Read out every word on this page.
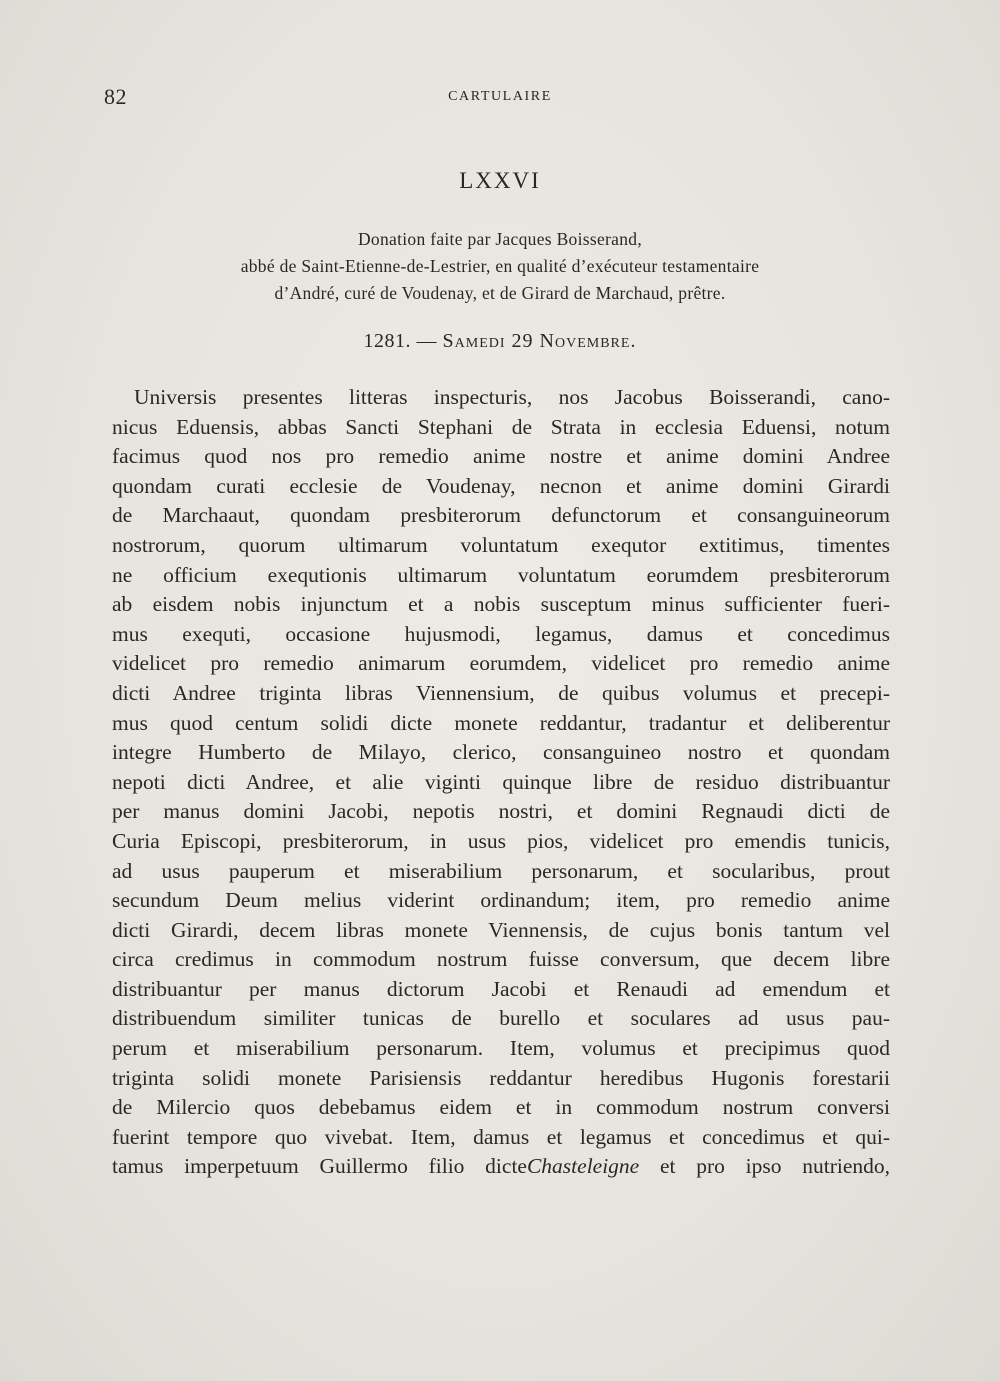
82	CARTULAIRE
LXXVI
Donation faite par Jacques Boisserand,
abbé de Saint-Etienne-de-Lestrier, en qualité d’exécuteur testamentaire
d’André, curé de Voudenay, et de Girard de Marchaud, prêtre.
1281. — Samedi 29 Novembre.
Universis presentes litteras inspecturis, nos Jacobus Boisserandi, cano-
nicus Eduensis, abbas Sancti Stephani de Strata in ecclesia Eduensi, notum
facimus quod nos pro remedio anime nostre et anime domini Andree
quondam curati ecclesie de Voudenay, necnon et anime domini Girardi
de Marchaaut, quondam presbiterorum defunctorum et consanguineorum
nostrorum, quorum ultimarum voluntatum exequtor extitimus, timentes
ne officium exequtionis ultimarum voluntatum eorumdem presbiterorum
ab eisdem nobis injunctum et a nobis susceptum minus sufficienter fueri-
mus exequti, occasione hujusmodi, legamus, damus et concedimus
videlicet pro remedio animarum eorumdem, videlicet pro remedio anime
dicti Andree triginta libras Viennensium, de quibus volumus et precepi-
mus quod centum solidi dicte monete reddantur, tradantur et deliberentur
integre Humberto de Milayo, clerico, consanguineo nostro et quondam
nepoti dicti Andree, et alie viginti quinque libre de residuo distribuantur
per manus domini Jacobi, nepotis nostri, et domini Regnaudi dicti de
Curia Episcopi, presbiterorum, in usus pios, videlicet pro emendis tunicis,
ad usus pauperum et miserabilium personarum, et socularibus, prout
secundum Deum melius viderint ordinandum; item, pro remedio anime
dicti Girardi, decem libras monete Viennensis, de cujus bonis tantum vel
circa credimus in commodum nostrum fuisse conversum, que decem libre
distribuantur per manus dictorum Jacobi et Renaudi ad emendum et
distribuendum similiter tunicas de burello et soculares ad usus pau-
perum et miserabilium personarum. Item, volumus et precipimus quod
triginta solidi monete Parisiensis reddantur heredibus Hugonis forestarii
de Milercio quos debebamus eidem et in commodum nostrum conversi
fuerint tempore quo vivebat. Item, damus et legamus et concedimus et qui-
tamus imperpetuum Guillermo filio dicteChasteleigne et pro ipso nutriendo,
